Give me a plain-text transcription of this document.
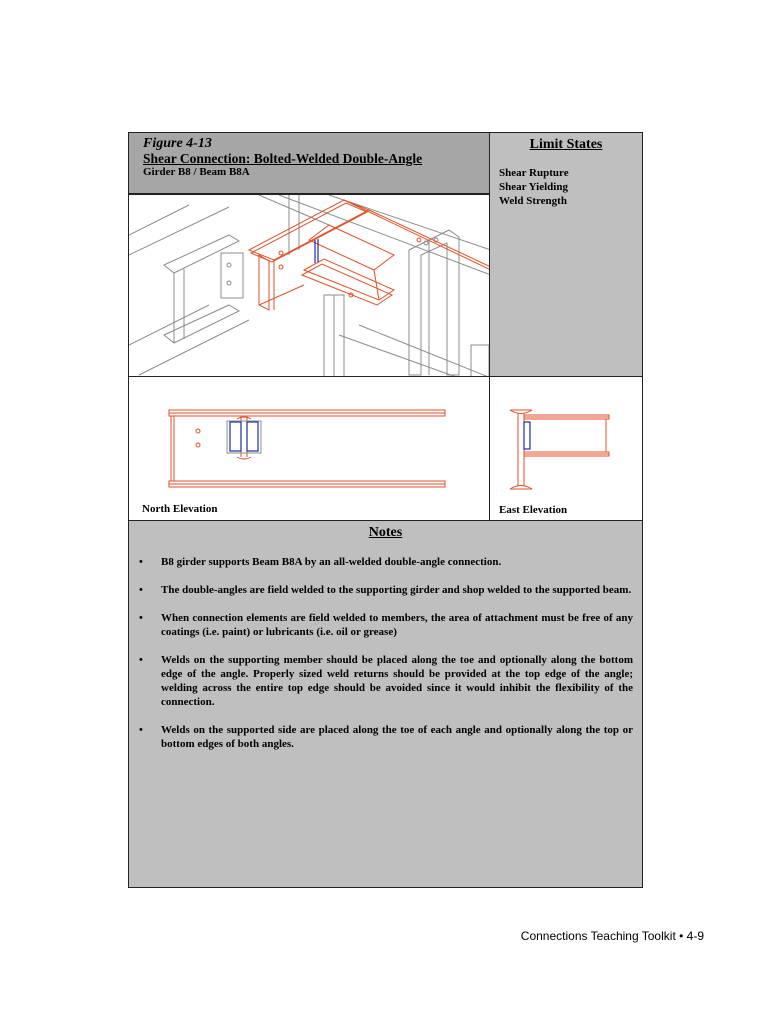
Figure 4-13
Shear Connection: Bolted-Welded Double-Angle
Girder B8 / Beam B8A
Limit States
Shear Rupture
Shear Yielding
Weld Strength
North Elevation	East Elevation
Notes
• B8 girder supports Beam B8A by an all-welded double-angle connection.
• The double-angles are field welded to the supporting girder and shop welded to the supported beam.
• When connection elements are field welded to members, the area of attachment must be free of any coatings (i.e. paint) or lubricants (i.e. oil or grease)
• Welds on the supporting member should be placed along the toe and optionally along the bottom edge of the angle. Properly sized weld returns should be provided at the top edge of the angle; welding across the entire top edge should be avoided since it would inhibit the flexibility of the connection.
• Welds on the supported side are placed along the toe of each angle and optionally along the top or bottom edges of both angles.
Connections Teaching Toolkit • 4-9
